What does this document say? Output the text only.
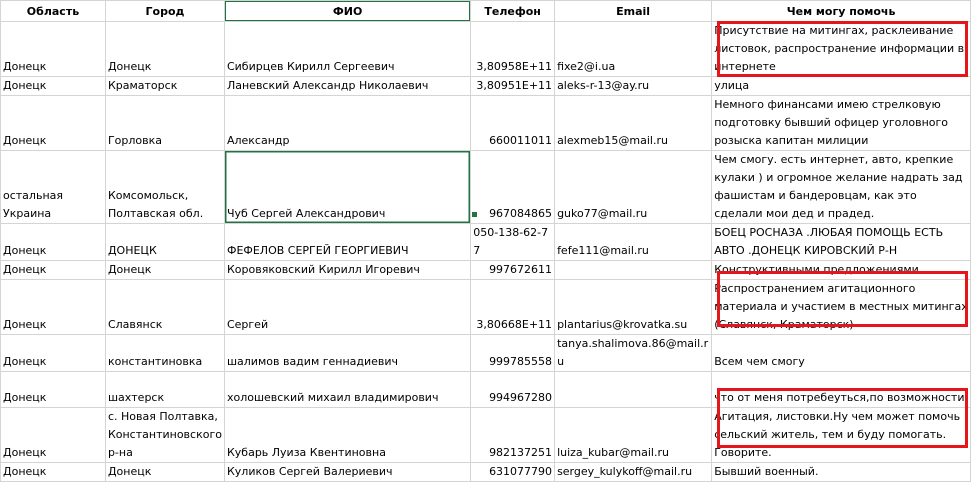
Область	Город	ФИО	Телефон	Email	Чем могу помочь
Донецк	Донецк	Сибирцев Кирилл Сергеевич	3,80958E+11	fixe2@i.ua	Присутствие на митингах, расклеивание листовок, распространение информации в интернете
Донецк	Краматорск	Ланевский Александр Николаевич	3,80951E+11	aleks-r-13@ay.ru	улица
Донецк	Горловка	Александр	660011011	alexmeb15@mail.ru	Немного финансами имею стрелковую подготовку бывший офицер уголовного розыска капитан милиции
остальная Украина	Комсомольск, Полтавская обл.	Чуб Сергей Александрович	967084865	guko77@mail.ru	Чем смогу. есть интернет, авто, крепкие кулаки ) и огромное желание надрать зад фашистам и бандеровцам, как это сделали мои дед и прадед.
Донецк	ДОНЕЦК	ФЕФЕЛОВ СЕРГЕЙ ГЕОРГИЕВИЧ	050-138-62-77	fefe111@mail.ru	БОЕЦ РОСНАЗА .ЛЮБАЯ ПОМОЩЬ ЕСТЬ АВТО .ДОНЕЦК КИРОВСКИЙ Р-Н
Донецк	Донецк	Коровяковский Кирилл Игоревич	997672611		Конструктивными предложениями.
Донецк	Славянск	Сергей	3,80668E+11	plantarius@krovatka.su	Распространением агитационного материала и участием в местных митингах (Славянск, Краматорск)
Донецк	константиновка	шалимов вадим геннадиевич	999785558	tanya.shalimova.86@mail.ru	Всем чем смогу
Донецк	шахтерск	холошевский михаил владимирович	994967280		что от меня потребеуться,по возможности.
Донецк	с. Новая Полтавка, Константиновского р-на	Кубарь Луиза Квентиновна	982137251	luiza_kubar@mail.ru	Агитация, листовки.Ну чем может помочь сельский житель, тем и буду помогать. Говорите.
Донецк	Донецк	Куликов Сергей Валериевич	631077790	sergey_kulykoff@mail.ru	Бывший военный.
